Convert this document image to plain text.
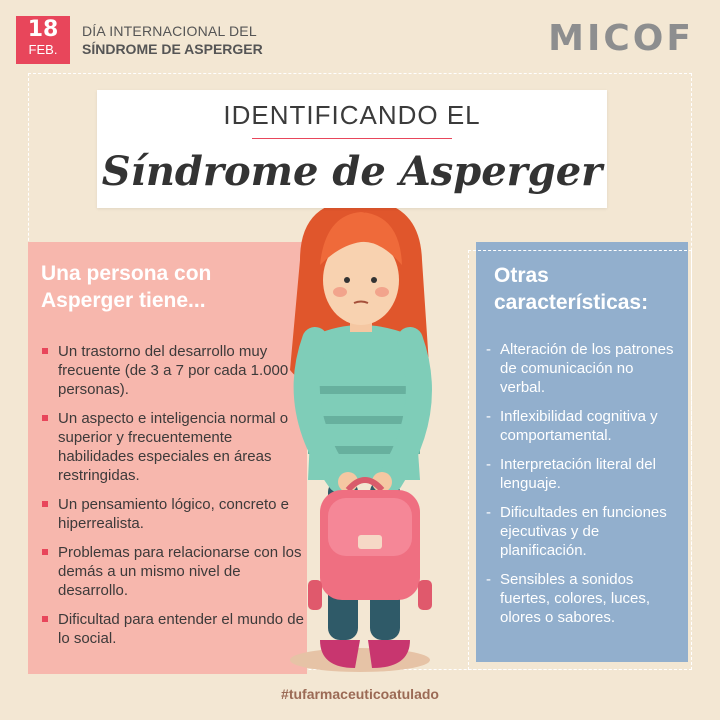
18
FEB.
DÍA INTERNACIONAL DEL
SÍNDROME DE ASPERGER	MICOF
Una persona con Asperger tiene...
Un trastorno del desarrollo muy frecuente (de 3 a 7 por cada 1.000 personas).
Un aspecto e inteligencia normal o superior y frecuentemente habilidades especiales en áreas restringidas.
Un pensamiento lógico, concreto e hiperrealista.
Problemas para relacionarse con los demás a un mismo nivel de desarrollo.
Dificultad para entender el mundo de lo social.
Otras características:
- Alteración de los patrones de comunicación no verbal.
- Inflexibilidad cognitiva y comportamental.
- Interpretación literal del lenguaje.
- Dificultades en funciones ejecutivas y de planificación.
- Sensibles a sonidos fuertes, colores, luces, olores o sabores.
IDENTIFICANDO EL
Síndrome de Asperger
#tufarmaceuticoatulado
